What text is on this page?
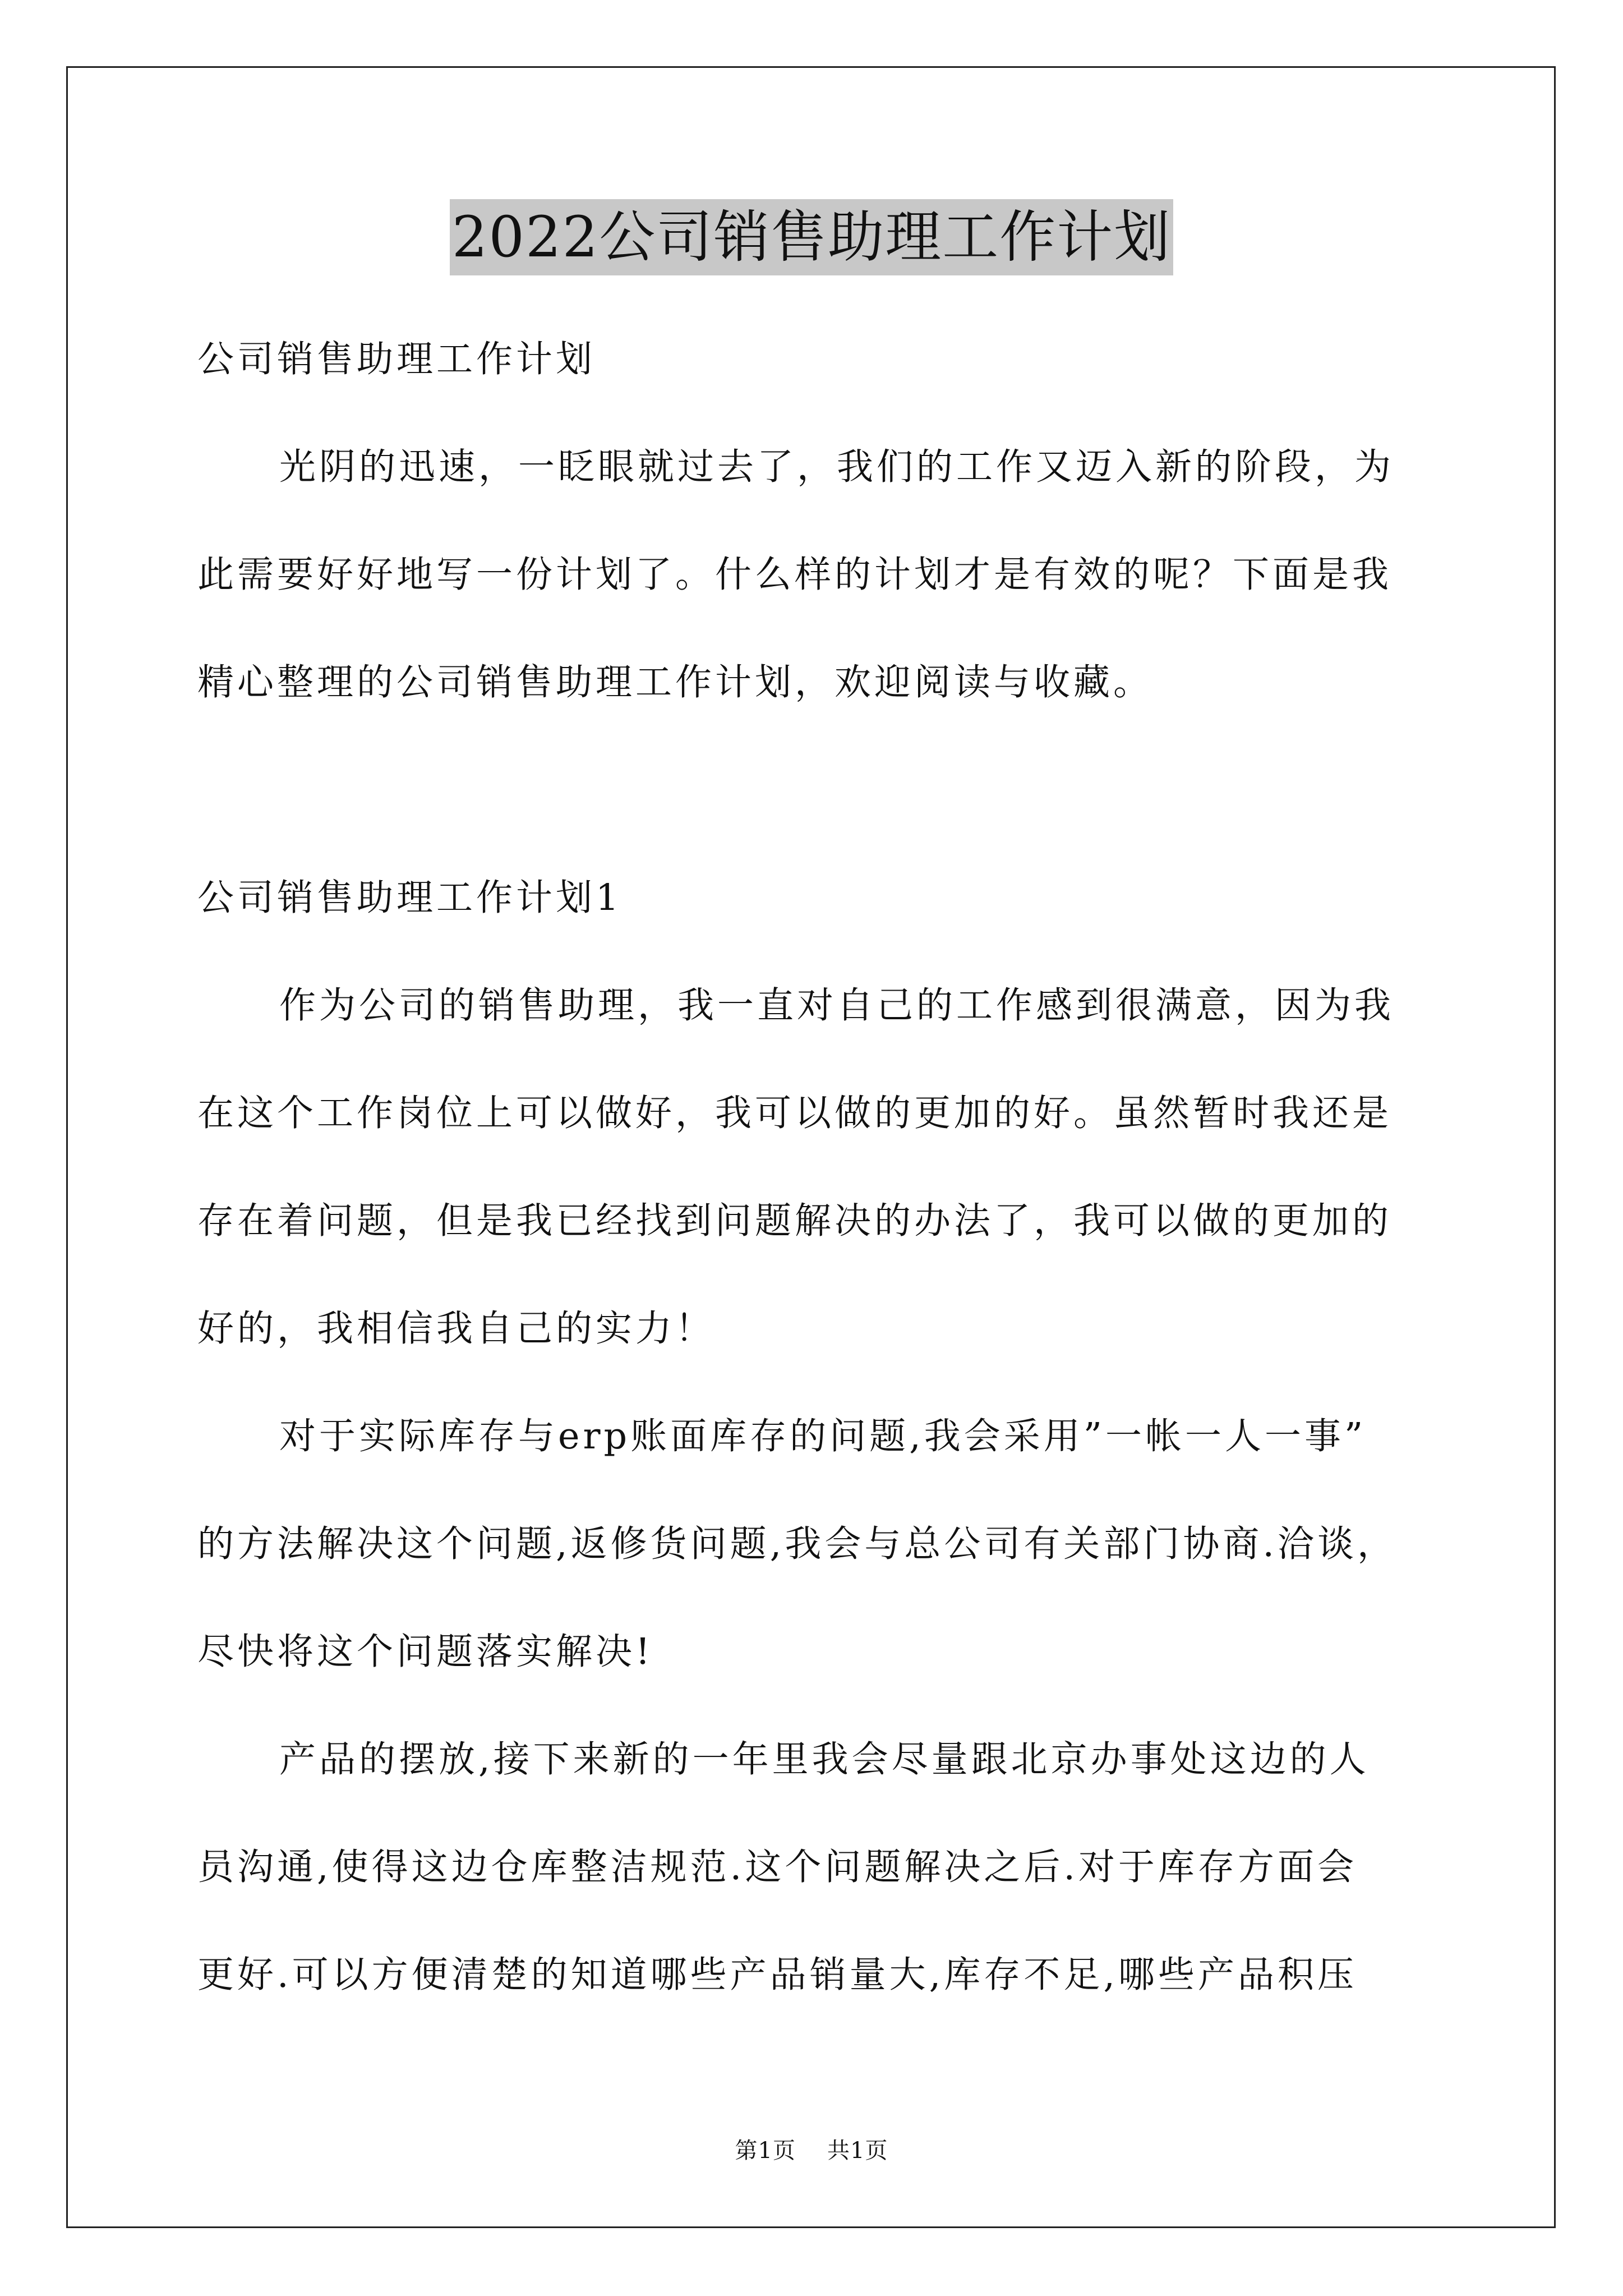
2022公司销售助理工作计划
公司销售助理工作计划
光阴的迅速，一眨眼就过去了，我们的工作又迈入新的阶段，为
此需要好好地写一份计划了。什么样的计划才是有效的呢？下面是我
精心整理的公司销售助理工作计划，欢迎阅读与收藏。
公司销售助理工作计划1
作为公司的销售助理，我一直对自己的工作感到很满意，因为我
在这个工作岗位上可以做好，我可以做的更加的好。虽然暂时我还是
存在着问题，但是我已经找到问题解决的办法了，我可以做的更加的
好的，我相信我自己的实力！
对于实际库存与erp账面库存的问题,我会采用”一帐一人一事”
的方法解决这个问题,返修货问题,我会与总公司有关部门协商.洽谈，
尽快将这个问题落实解决!
产品的摆放,接下来新的一年里我会尽量跟北京办事处这边的人
员沟通,使得这边仓库整洁规范.这个问题解决之后.对于库存方面会
更好.可以方便清楚的知道哪些产品销量大,库存不足,哪些产品积压
第1页 共1页
